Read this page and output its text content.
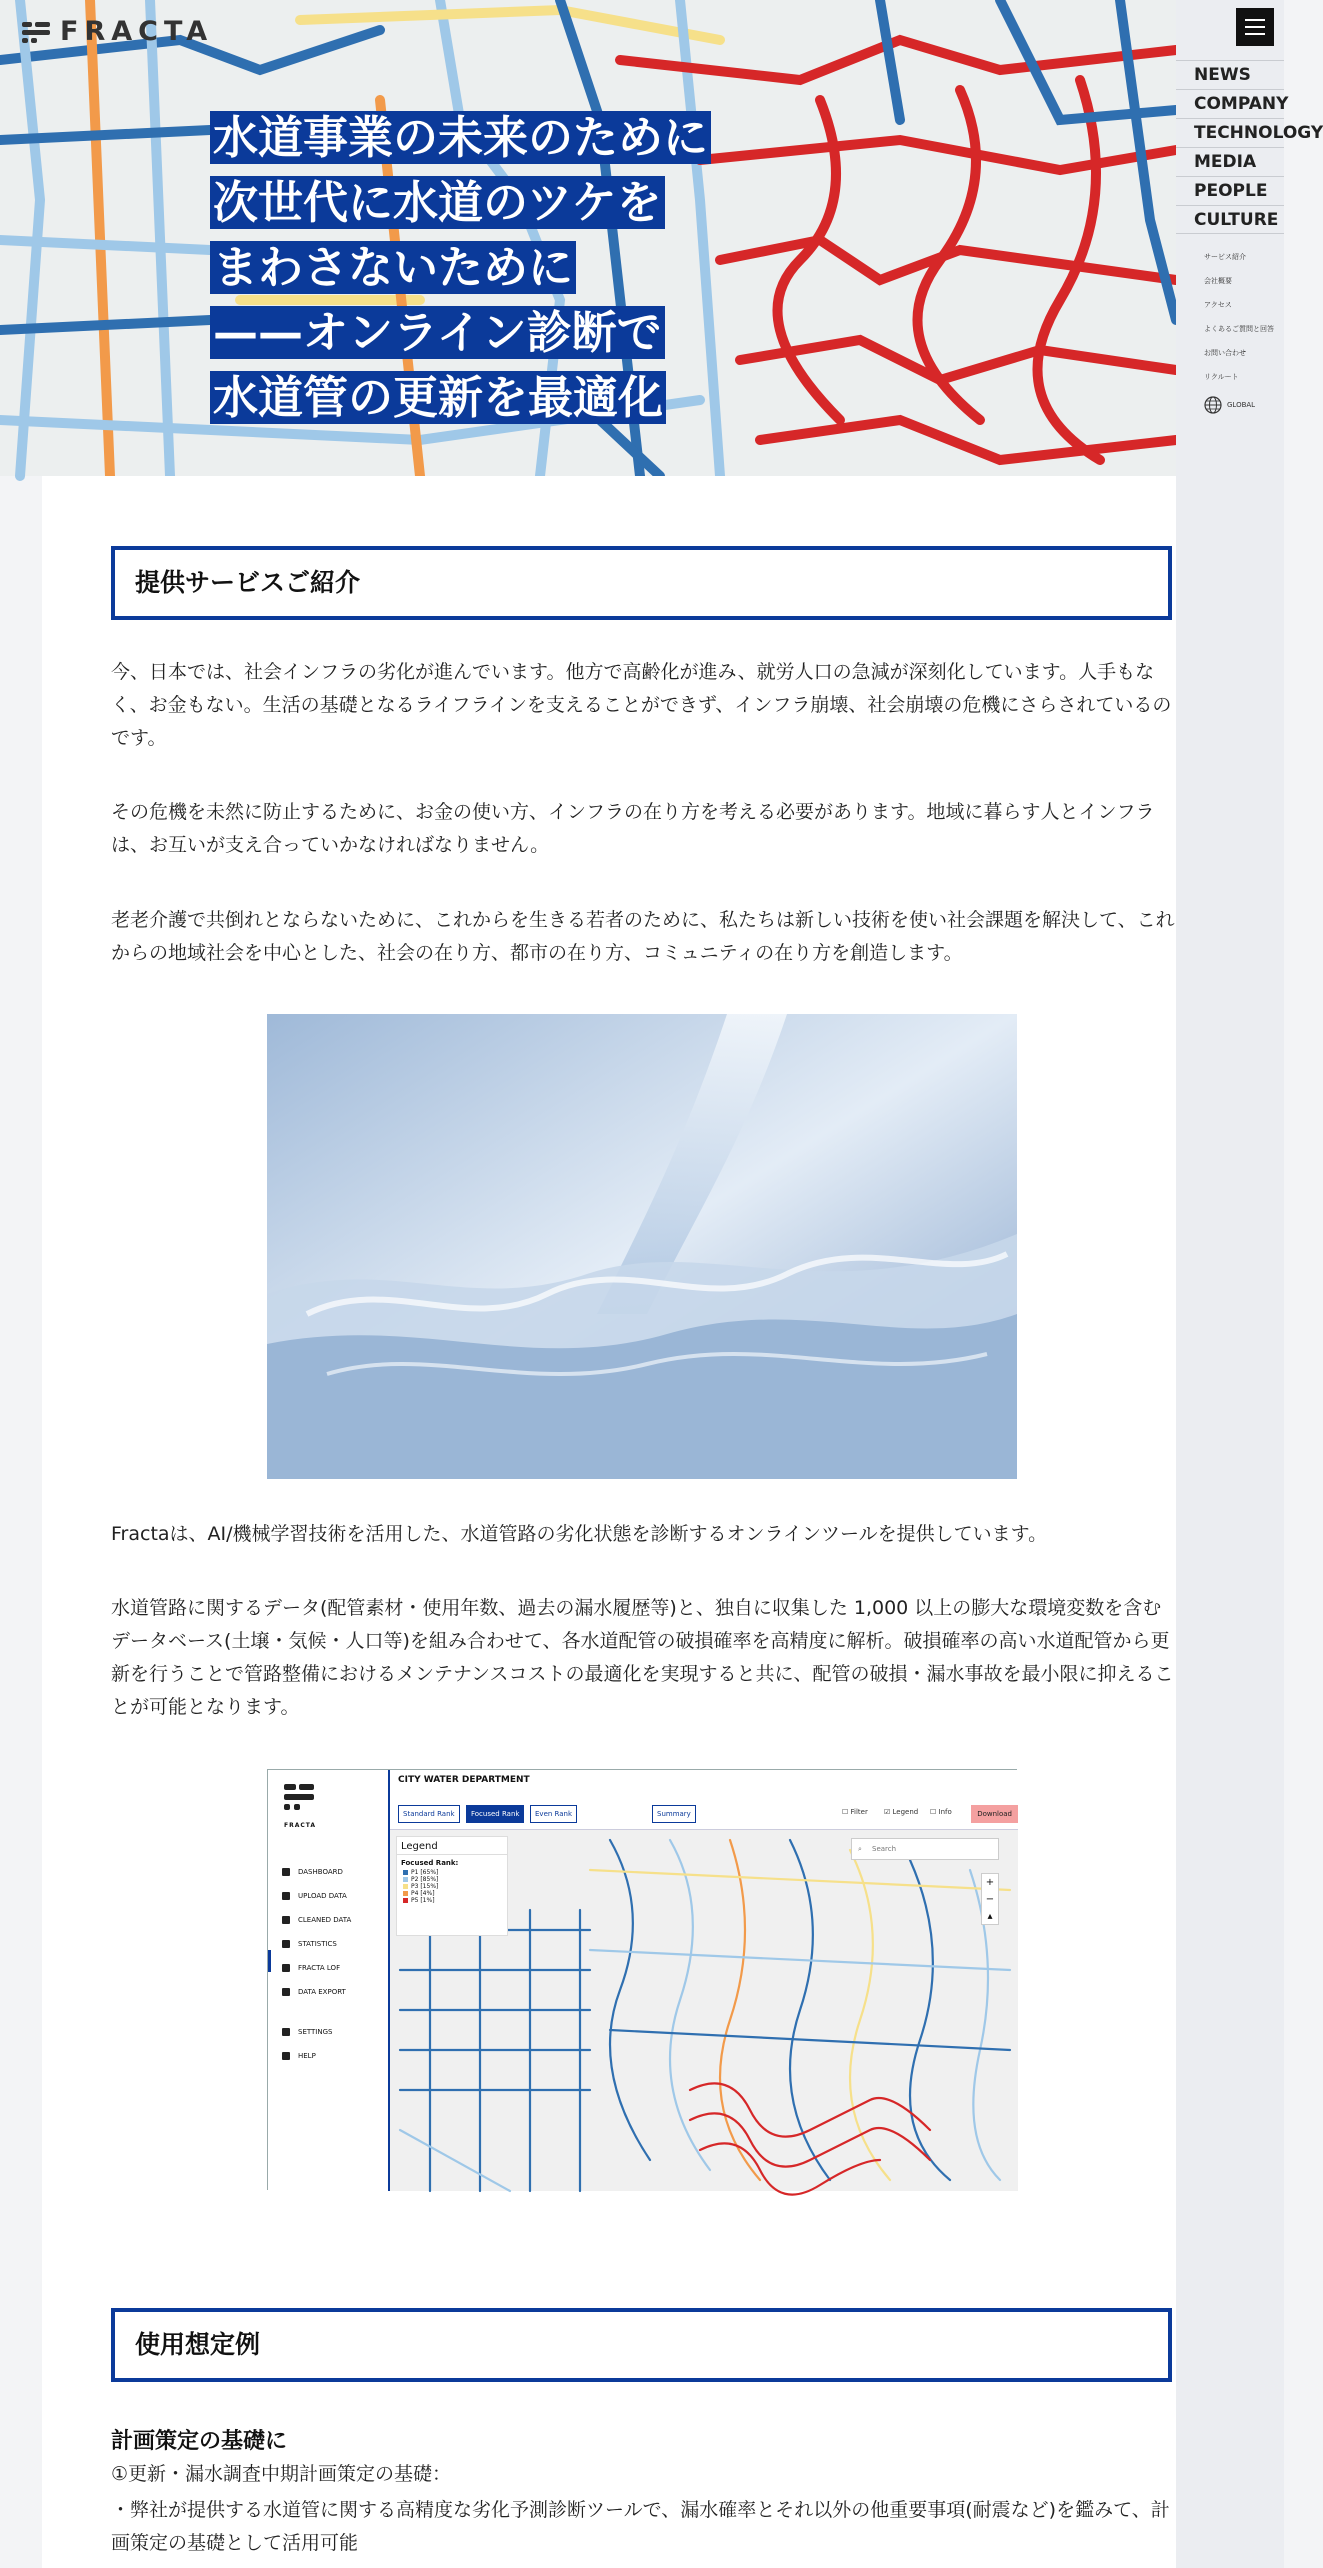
FRACTA
水道事業の未来のために
次世代に水道のツケを
まわさないために
——オンライン診断で
水道管の更新を最適化
NEWS
COMPANY
TECHNOLOGY
MEDIA
PEOPLE
CULTURE
サービス紹介
会社概要
アクセス
よくあるご質問と回答
お問い合わせ
リクルート
GLOBAL
提供サービスご紹介

今、日本では、社会インフラの劣化が進んでいます。他方で高齢化が進み、就労人口の急減が深刻化しています。人手もなく、お金もない。生活の基礎となるライフラインを支えることができず、インフラ崩壊、社会崩壊の危機にさらされているのです。

その危機を未然に防止するために、お金の使い方、インフラの在り方を考える必要があります。地域に暮らす人とインフラは、お互いが支え合っていかなければなりません。

老老介護で共倒れとならないために、これからを生きる若者のために、私たちは新しい技術を使い社会課題を解決して、これからの地域社会を中心とした、社会の在り方、都市の在り方、コミュニティの在り方を創造します。

Fractaは、AI/機械学習技術を活用した、水道管路の劣化状態を診断するオンラインツールを提供しています。

水道管路に関するデータ(配管素材・使用年数、過去の漏水履歴等)と、独自に収集した 1,000 以上の膨大な環境変数を含むデータベース(土壌・気候・人口等)を組み合わせて、各水道配管の破損確率を高精度に解析。破損確率の高い水道配管から更新を行うことで管路整備におけるメンテナンスコストの最適化を実現すると共に、配管の破損・漏水事故を最小限に抑えることが可能となります。

FRACTA
DASHBOARD
UPLOAD DATA
CLEANED DATA
STATISTICS
FRACTA LOF
DATA EXPORT
SETTINGS
HELP
CITY WATER DEPARTMENT
Standard Rank	Focused Rank	Even Rank	Summary	☐ Filter ☑ Legend ☐ Info	Download
Legend
Focused Rank:
P1 [65%]
P2 [85%]
P3 [15%]
P4 [4%]
P5 [1%]
⌕ Search
+
−
▴
使用想定例
計画策定の基礎に

①更新・漏水調査中期計画策定の基礎：

・弊社が提供する水道管に関する高精度な劣化予測診断ツールで、漏水確率とそれ以外の他重要事項(耐震など)を鑑みて、計画策定の基礎として活用可能
